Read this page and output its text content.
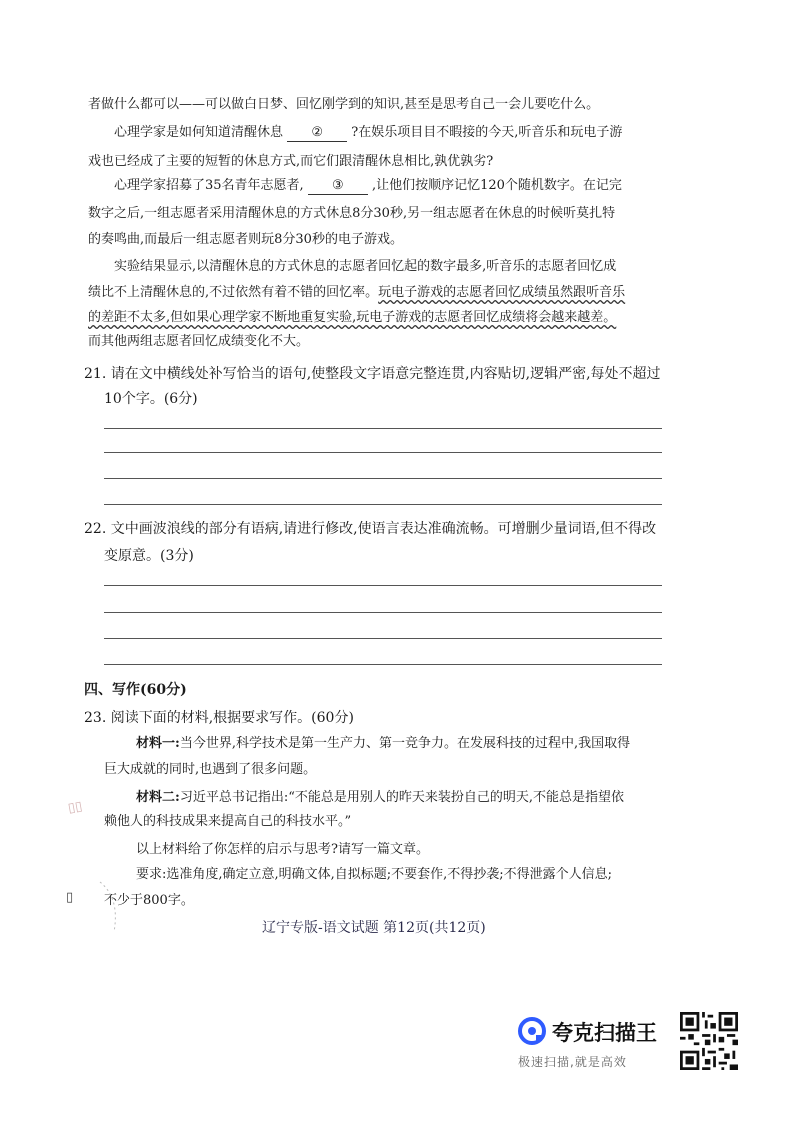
者做什么都可以——可以做白日梦、回忆刚学到的知识,甚至是思考自己一会儿要吃什么。
心理学家是如何知道清醒休息 ② ?在娱乐项目目不暇接的今天,听音乐和玩电子游
戏也已经成了主要的短暂的休息方式,而它们跟清醒休息相比,孰优孰劣?
心理学家招募了35名青年志愿者, ③ ,让他们按顺序记忆120个随机数字。在记完
数字之后,一组志愿者采用清醒休息的方式休息8分30秒,另一组志愿者在休息的时候听莫扎特
的奏鸣曲,而最后一组志愿者则玩8分30秒的电子游戏。
实验结果显示,以清醒休息的方式休息的志愿者回忆起的数字最多,听音乐的志愿者回忆成
绩比不上清醒休息的,不过依然有着不错的回忆率。玩电子游戏的志愿者回忆成绩虽然跟听音乐
的差距不太多,但如果心理学家不断地重复实验,玩电子游戏的志愿者回忆成绩将会越来越差。
而其他两组志愿者回忆成绩变化不大。
21. 请在文中横线处补写恰当的语句,使整段文字语意完整连贯,内容贴切,逻辑严密,每处不超过
10个字。(6分)
22. 文中画波浪线的部分有语病,请进行修改,使语言表达准确流畅。可增删少量词语,但不得改
变原意。(3分)
四、写作(60分)
23. 阅读下面的材料,根据要求写作。(60分)
材料一:当今世界,科学技术是第一生产力、第一竞争力。在发展科技的过程中,我国取得
巨大成就的同时,也遇到了很多问题。
材料二:习近平总书记指出:“不能总是用别人的昨天来装扮自己的明天,不能总是指望依
赖他人的科技成果来提高自己的科技水平。”
以上材料给了你怎样的启示与思考?请写一篇文章。
要求:选准角度,确定立意,明确文体,自拟标题;不要套作,不得抄袭;不得泄露个人信息;
不少于800字。
▯▯
▯
辽宁专版-语文试题 第12页(共12页)
夸克扫描王
极速扫描,就是高效
